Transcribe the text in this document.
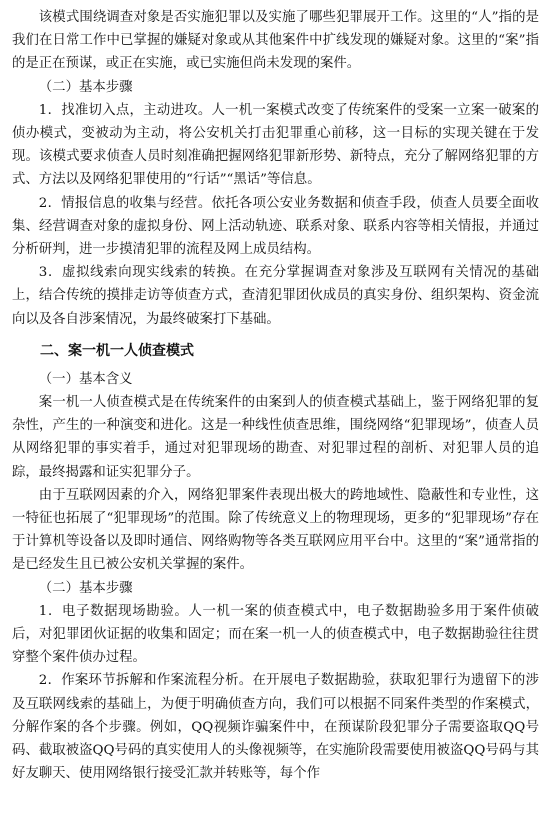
该模式围绕调查对象是否实施犯罪以及实施了哪些犯罪展开工作。这里的“人”指的是我们在日常工作中已掌握的嫌疑对象或从其他案件中扩线发现的嫌疑对象。这里的“案”指的是正在预谋，或正在实施，或已实施但尚未发现的案件。

（二）基本步骤

1．找准切入点，主动进攻。人一机一案模式改变了传统案件的受案一立案一破案的侦办模式，变被动为主动，将公安机关打击犯罪重心前移，这一目标的实现关键在于发现。该模式要求侦查人员时刻准确把握网络犯罪新形势、新特点，充分了解网络犯罪的方式、方法以及网络犯罪使用的“行话”“黑话”等信息。

2．情报信息的收集与经营。依托各项公安业务数据和侦查手段，侦查人员要全面收集、经营调查对象的虚拟身份、网上活动轨迹、联系对象、联系内容等相关情报，并通过分析研判，进一步摸清犯罪的流程及网上成员结构。

3．虚拟线索向现实线索的转换。在充分掌握调查对象涉及互联网有关情况的基础上，结合传统的摸排走访等侦查方式，查清犯罪团伙成员的真实身份、组织架构、资金流向以及各自涉案情况，为最终破案打下基础。

二、案一机一人侦查模式
（一）基本含义

案一机一人侦查模式是在传统案件的由案到人的侦查模式基础上，鉴于网络犯罪的复杂性，产生的一种演变和进化。这是一种线性侦查思维，围绕网络“犯罪现场”，侦查人员从网络犯罪的事实着手，通过对犯罪现场的勘查、对犯罪过程的剖析、对犯罪人员的追踪，最终揭露和证实犯罪分子。

由于互联网因素的介入，网络犯罪案件表现出极大的跨地域性、隐蔽性和专业性，这一特征也拓展了“犯罪现场”的范围。除了传统意义上的物理现场，更多的“犯罪现场”存在于计算机等设备以及即时通信、网络购物等各类互联网应用平台中。这里的“案”通常指的是已经发生且已被公安机关掌握的案件。

（二）基本步骤

1．电子数据现场勘验。人一机一案的侦查模式中，电子数据勘验多用于案件侦破后，对犯罪团伙证据的收集和固定；而在案一机一人的侦查模式中，电子数据勘验往往贯穿整个案件侦办过程。

2．作案环节拆解和作案流程分析。在开展电子数据勘验，获取犯罪行为遗留下的涉及互联网线索的基础上，为便于明确侦查方向，我们可以根据不同案件类型的作案模式，分解作案的各个步骤。例如，QQ视频诈骗案件中，在预谋阶段犯罪分子需要盗取QQ号码、截取被盗QQ号码的真实使用人的头像视频等，在实施阶段需要使用被盗QQ号码与其好友聊天、使用网络银行接受汇款并转账等，每个作
